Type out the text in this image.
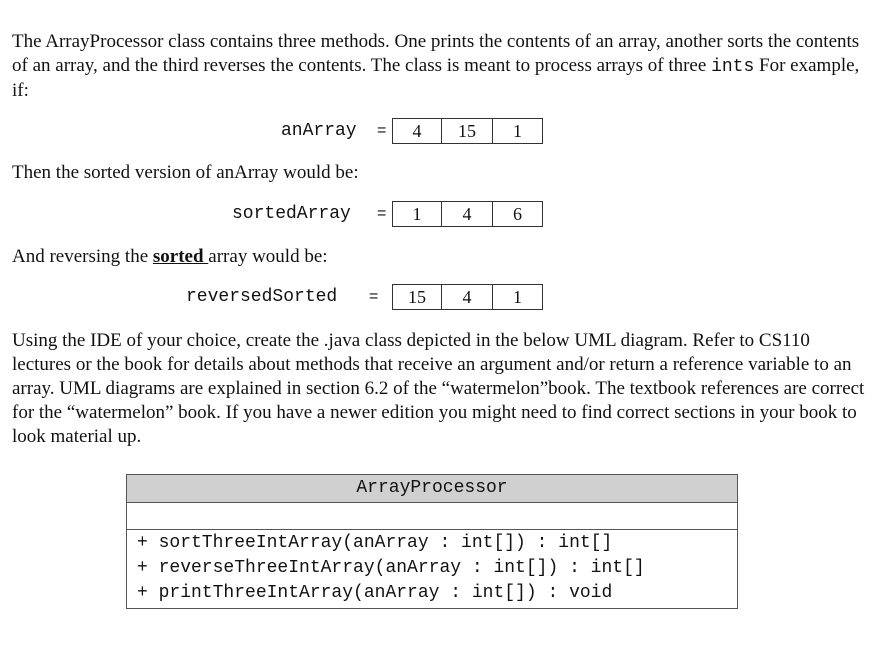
The ArrayProcessor class contains three methods. One prints the contents of an array, another sorts the contents of an array, and the third reverses the contents. The class is meant to process arrays of three ints For example, if:
anArray =	4	15	1
Then the sorted version of anArray would be:
sortedArray =	1	4	6
And reversing the sorted array would be:
reversedSorted =	15	4	1
Using the IDE of your choice, create the .java class depicted in the below UML diagram. Refer to CS110 lectures or the book for details about methods that receive an argument and/or return a reference variable to an array. UML diagrams are explained in section 6.2 of the “watermelon”book. The textbook references are correct for the “watermelon” book. If you have a newer edition you might need to find correct sections in your book to look material up.
ArrayProcessor
+ sortThreeIntArray(anArray : int[]) : int[]
+ reverseThreeIntArray(anArray : int[]) : int[]
+ printThreeIntArray(anArray : int[]) : void
